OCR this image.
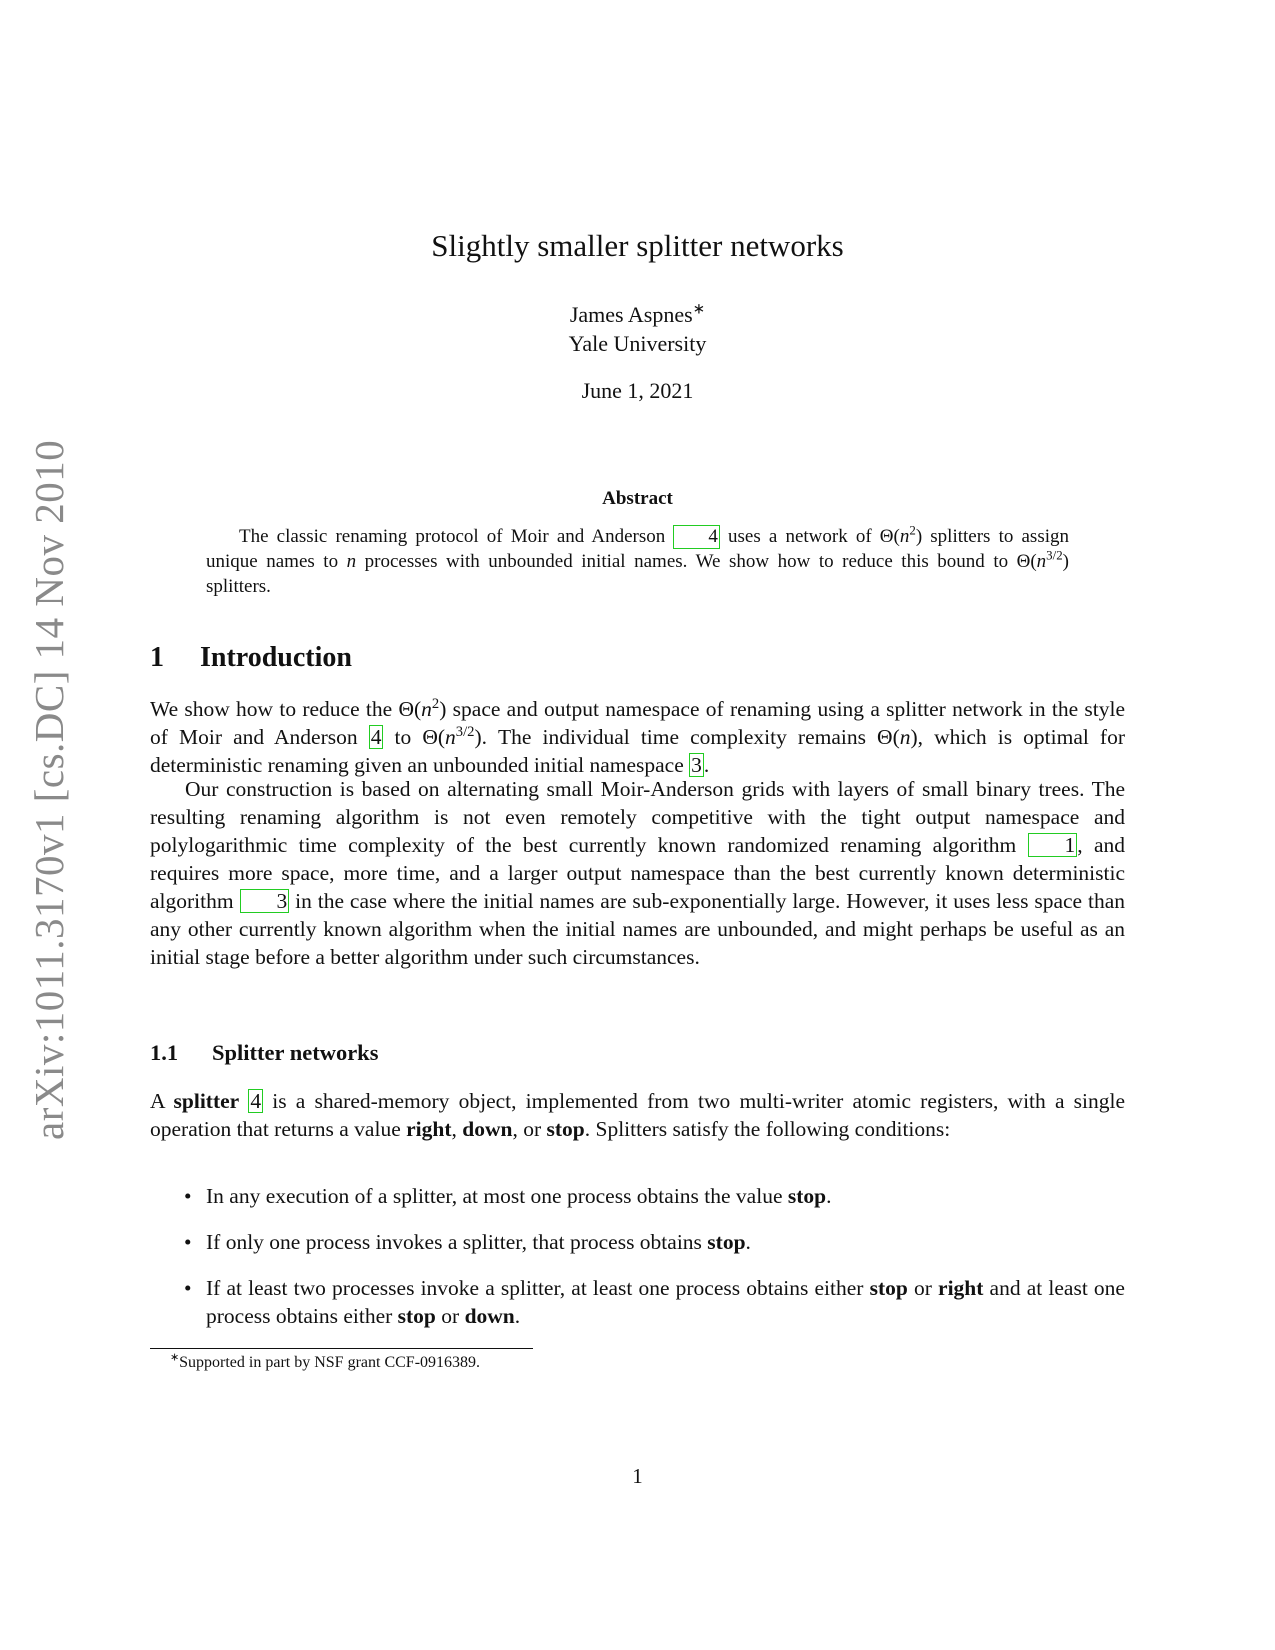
arXiv:1011.3170v1 [cs.DC] 14 Nov 2010
Slightly smaller splitter networks
James Aspnes∗
Yale University
June 1, 2021
Abstract
The classic renaming protocol of Moir and Anderson 4 uses a network of $\Theta(n^2)$ splitters to assign unique names to n processes with unbounded initial names. We show how to reduce this bound to $\Theta(n^{3/2})$ splitters.
1 Introduction

We show how to reduce the $\Theta(n^2)$ space and output namespace of renaming using a splitter network in the style of Moir and Anderson 4 to $\Theta(n^{3/2})$. The individual time complexity remains Θ(n), which is optimal for deterministic renaming given an unbounded initial namespace 3.

Our construction is based on alternating small Moir-Anderson grids with layers of small binary trees. The resulting renaming algorithm is not even remotely competitive with the tight output namespace and polylogarithmic time complexity of the best currently known randomized renaming algorithm 1, and requires more space, more time, and a larger output namespace than the best currently known deterministic algorithm 3 in the case where the initial names are sub-exponentially large. However, it uses less space than any other currently known algorithm when the initial names are unbounded, and might perhaps be useful as an initial stage before a better algorithm under such circumstances.

1.1 Splitter networks
A splitter 4 is a shared-memory object, implemented from two multi-writer atomic registers, with a single operation that returns a value right, down, or stop. Splitters satisfy the following conditions:
• In any execution of a splitter, at most one process obtains the value stop.
• If only one process invokes a splitter, that process obtains stop.
• If at least two processes invoke a splitter, at least one process obtains either stop or right and at least one process obtains either stop or down.
∗Supported in part by NSF grant CCF-0916389.
1
